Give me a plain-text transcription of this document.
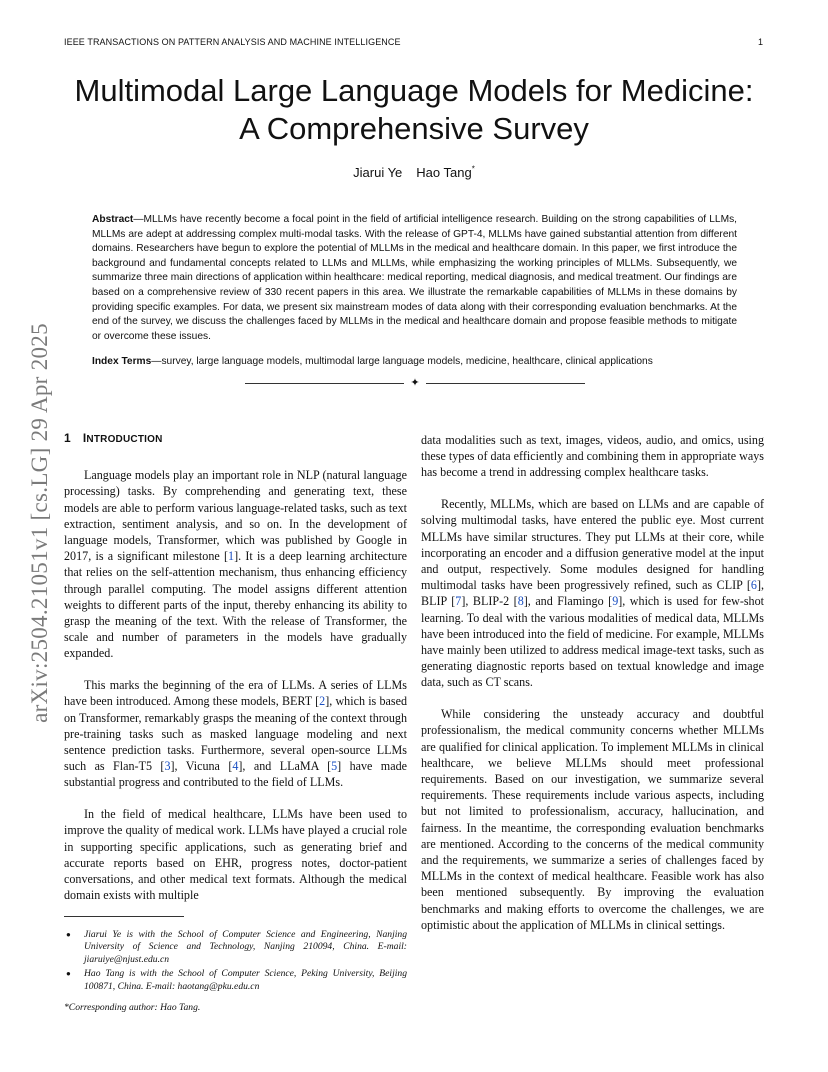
IEEE TRANSACTIONS ON PATTERN ANALYSIS AND MACHINE INTELLIGENCE	1
Multimodal Large Language Models for Medicine: A Comprehensive Survey
Jiarui Ye Hao Tang*
Abstract—MLLMs have recently become a focal point in the field of artificial intelligence research. Building on the strong capabilities of LLMs, MLLMs are adept at addressing complex multi-modal tasks. With the release of GPT-4, MLLMs have gained substantial attention from different domains. Researchers have begun to explore the potential of MLLMs in the medical and healthcare domain. In this paper, we first introduce the background and fundamental concepts related to LLMs and MLLMs, while emphasizing the working principles of MLLMs. Subsequently, we summarize three main directions of application within healthcare: medical reporting, medical diagnosis, and medical treatment. Our findings are based on a comprehensive review of 330 recent papers in this area. We illustrate the remarkable capabilities of MLLMs in these domains by providing specific examples. For data, we present six mainstream modes of data along with their corresponding evaluation benchmarks. At the end of the survey, we discuss the challenges faced by MLLMs in the medical and healthcare domain and propose feasible methods to mitigate or overcome these issues.
Index Terms—survey, large language models, multimodal large language models, medicine, healthcare, clinical applications
✦
arXiv:2504.21051v1 [cs.LG] 29 Apr 2025 1 INTRODUCTION

Language models play an important role in NLP (natural language processing) tasks. By comprehending and generating text, these models are able to perform various language-related tasks, such as text extraction, sentiment analysis, and so on. In the development of language models, Transformer, which was published by Google in 2017, is a significant milestone [1]. It is a deep learning architecture that relies on the self-attention mechanism, thus enhancing efficiency through parallel computing. The model assigns different attention weights to different parts of the input, thereby enhancing its ability to grasp the meaning of the text. With the release of Transformer, the scale and number of parameters in the models have gradually expanded.

This marks the beginning of the era of LLMs. A series of LLMs have been introduced. Among these models, BERT [2], which is based on Transformer, remarkably grasps the meaning of the context through pre-training tasks such as masked language modeling and next sentence prediction tasks. Furthermore, several open-source LLMs such as Flan-T5 [3], Vicuna [4], and LLaMA [5] have made substantial progress and contributed to the field of LLMs.

In the field of medical healthcare, LLMs have been used to improve the quality of medical work. LLMs have played a crucial role in supporting specific applications, such as generating brief and accurate reports based on EHR, progress notes, doctor-patient conversations, and other medical text formats. Although the medical domain exists with multiple

data modalities such as text, images, videos, audio, and omics, using these types of data efficiently and combining them in appropriate ways has become a trend in addressing complex healthcare tasks.

Recently, MLLMs, which are based on LLMs and are capable of solving multimodal tasks, have entered the public eye. Most current MLLMs have similar structures. They put LLMs at their core, while incorporating an encoder and a diffusion generative model at the input and output, respectively. Some modules designed for handling multimodal tasks have been progressively refined, such as CLIP [6], BLIP [7], BLIP-2 [8], and Flamingo [9], which is used for few-shot learning. To deal with the various modalities of medical data, MLLMs have been introduced into the field of medicine. For example, MLLMs have mainly been utilized to address medical image-text tasks, such as generating diagnostic reports based on textual knowledge and image data, such as CT scans.

While considering the unsteady accuracy and doubtful professionalism, the medical community concerns whether MLLMs are qualified for clinical application. To implement MLLMs in clinical healthcare, we believe MLLMs should meet professional requirements. Based on our investigation, we summarize several requirements. These requirements include various aspects, including but not limited to professionalism, accuracy, hallucination, and fairness. In the meantime, the corresponding evaluation benchmarks are mentioned. According to the concerns of the medical community and the requirements, we summarize a series of challenges faced by MLLMs in the context of medical healthcare. Feasible work has also been mentioned subsequently. By improving the evaluation benchmarks and making efforts to overcome the challenges, we are optimistic about the application of MLLMs in clinical settings.

● Jiarui Ye is with the School of Computer Science and Engineering, Nanjing University of Science and Technology, Nanjing 210094, China. E-mail: jiaruiye@njust.edu.cn
● Hao Tang is with the School of Computer Science, Peking University, Beijing 100871, China. E-mail: haotang@pku.edu.cn
*Corresponding author: Hao Tang.
